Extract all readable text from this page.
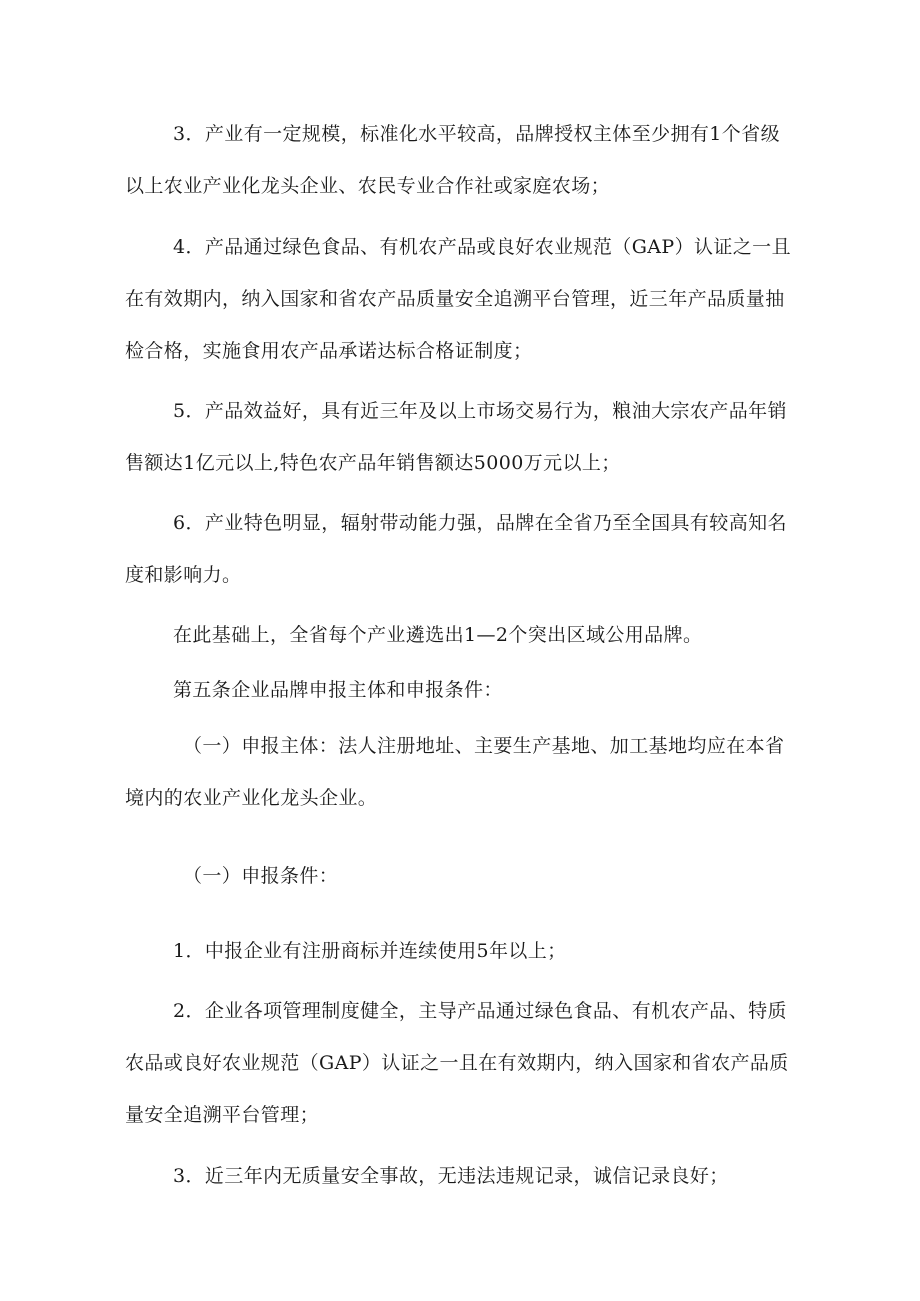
3．产业有一定规模，标准化水平较高，品牌授权主体至少拥有1个省级以上农业产业化龙头企业、农民专业合作社或家庭农场；

4．产品通过绿色食品、有机农产品或良好农业规范（GAP）认证之一且在有效期内，纳入国家和省农产品质量安全追溯平台管理，近三年产品质量抽检合格，实施食用农产品承诺达标合格证制度；

5．产品效益好，具有近三年及以上市场交易行为，粮油大宗农产品年销售额达1亿元以上,特色农产品年销售额达5000万元以上；

6．产业特色明显，辐射带动能力强，品牌在全省乃至全国具有较高知名度和影响力。

在此基础上，全省每个产业遴选出1—2个突出区域公用品牌。

第五条企业品牌申报主体和申报条件：

（一）申报主体：法人注册地址、主要生产基地、加工基地均应在本省境内的农业产业化龙头企业。

（一）申报条件：

1．中报企业有注册商标并连续使用5年以上；

2．企业各项管理制度健全，主导产品通过绿色食品、有机农产品、特质农品或良好农业规范（GAP）认证之一且在有效期内，纳入国家和省农产品质量安全追溯平台管理；

3．近三年内无质量安全事故，无违法违规记录，诚信记录良好；
